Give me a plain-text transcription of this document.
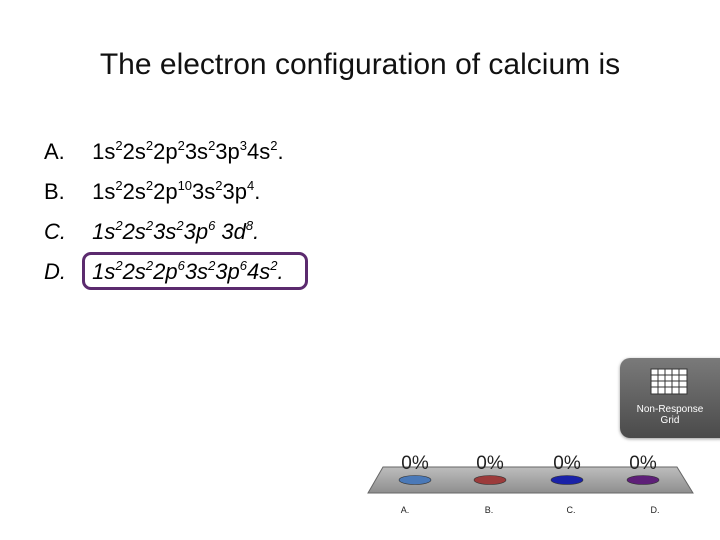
The electron configuration of calcium is
A. $1s^22s^22p^23s^23p^34s^2$.
B. $1s^22s^22p^{10}3s^23p^4$.
C. $1s^22s^23s^23p^6$ $3d^8$.
D. $1s^22s^22p^63s^23p^64s^2$.
Non-Response
Grid
0%	0%	0%	0%
A.	B.	C.	D.
